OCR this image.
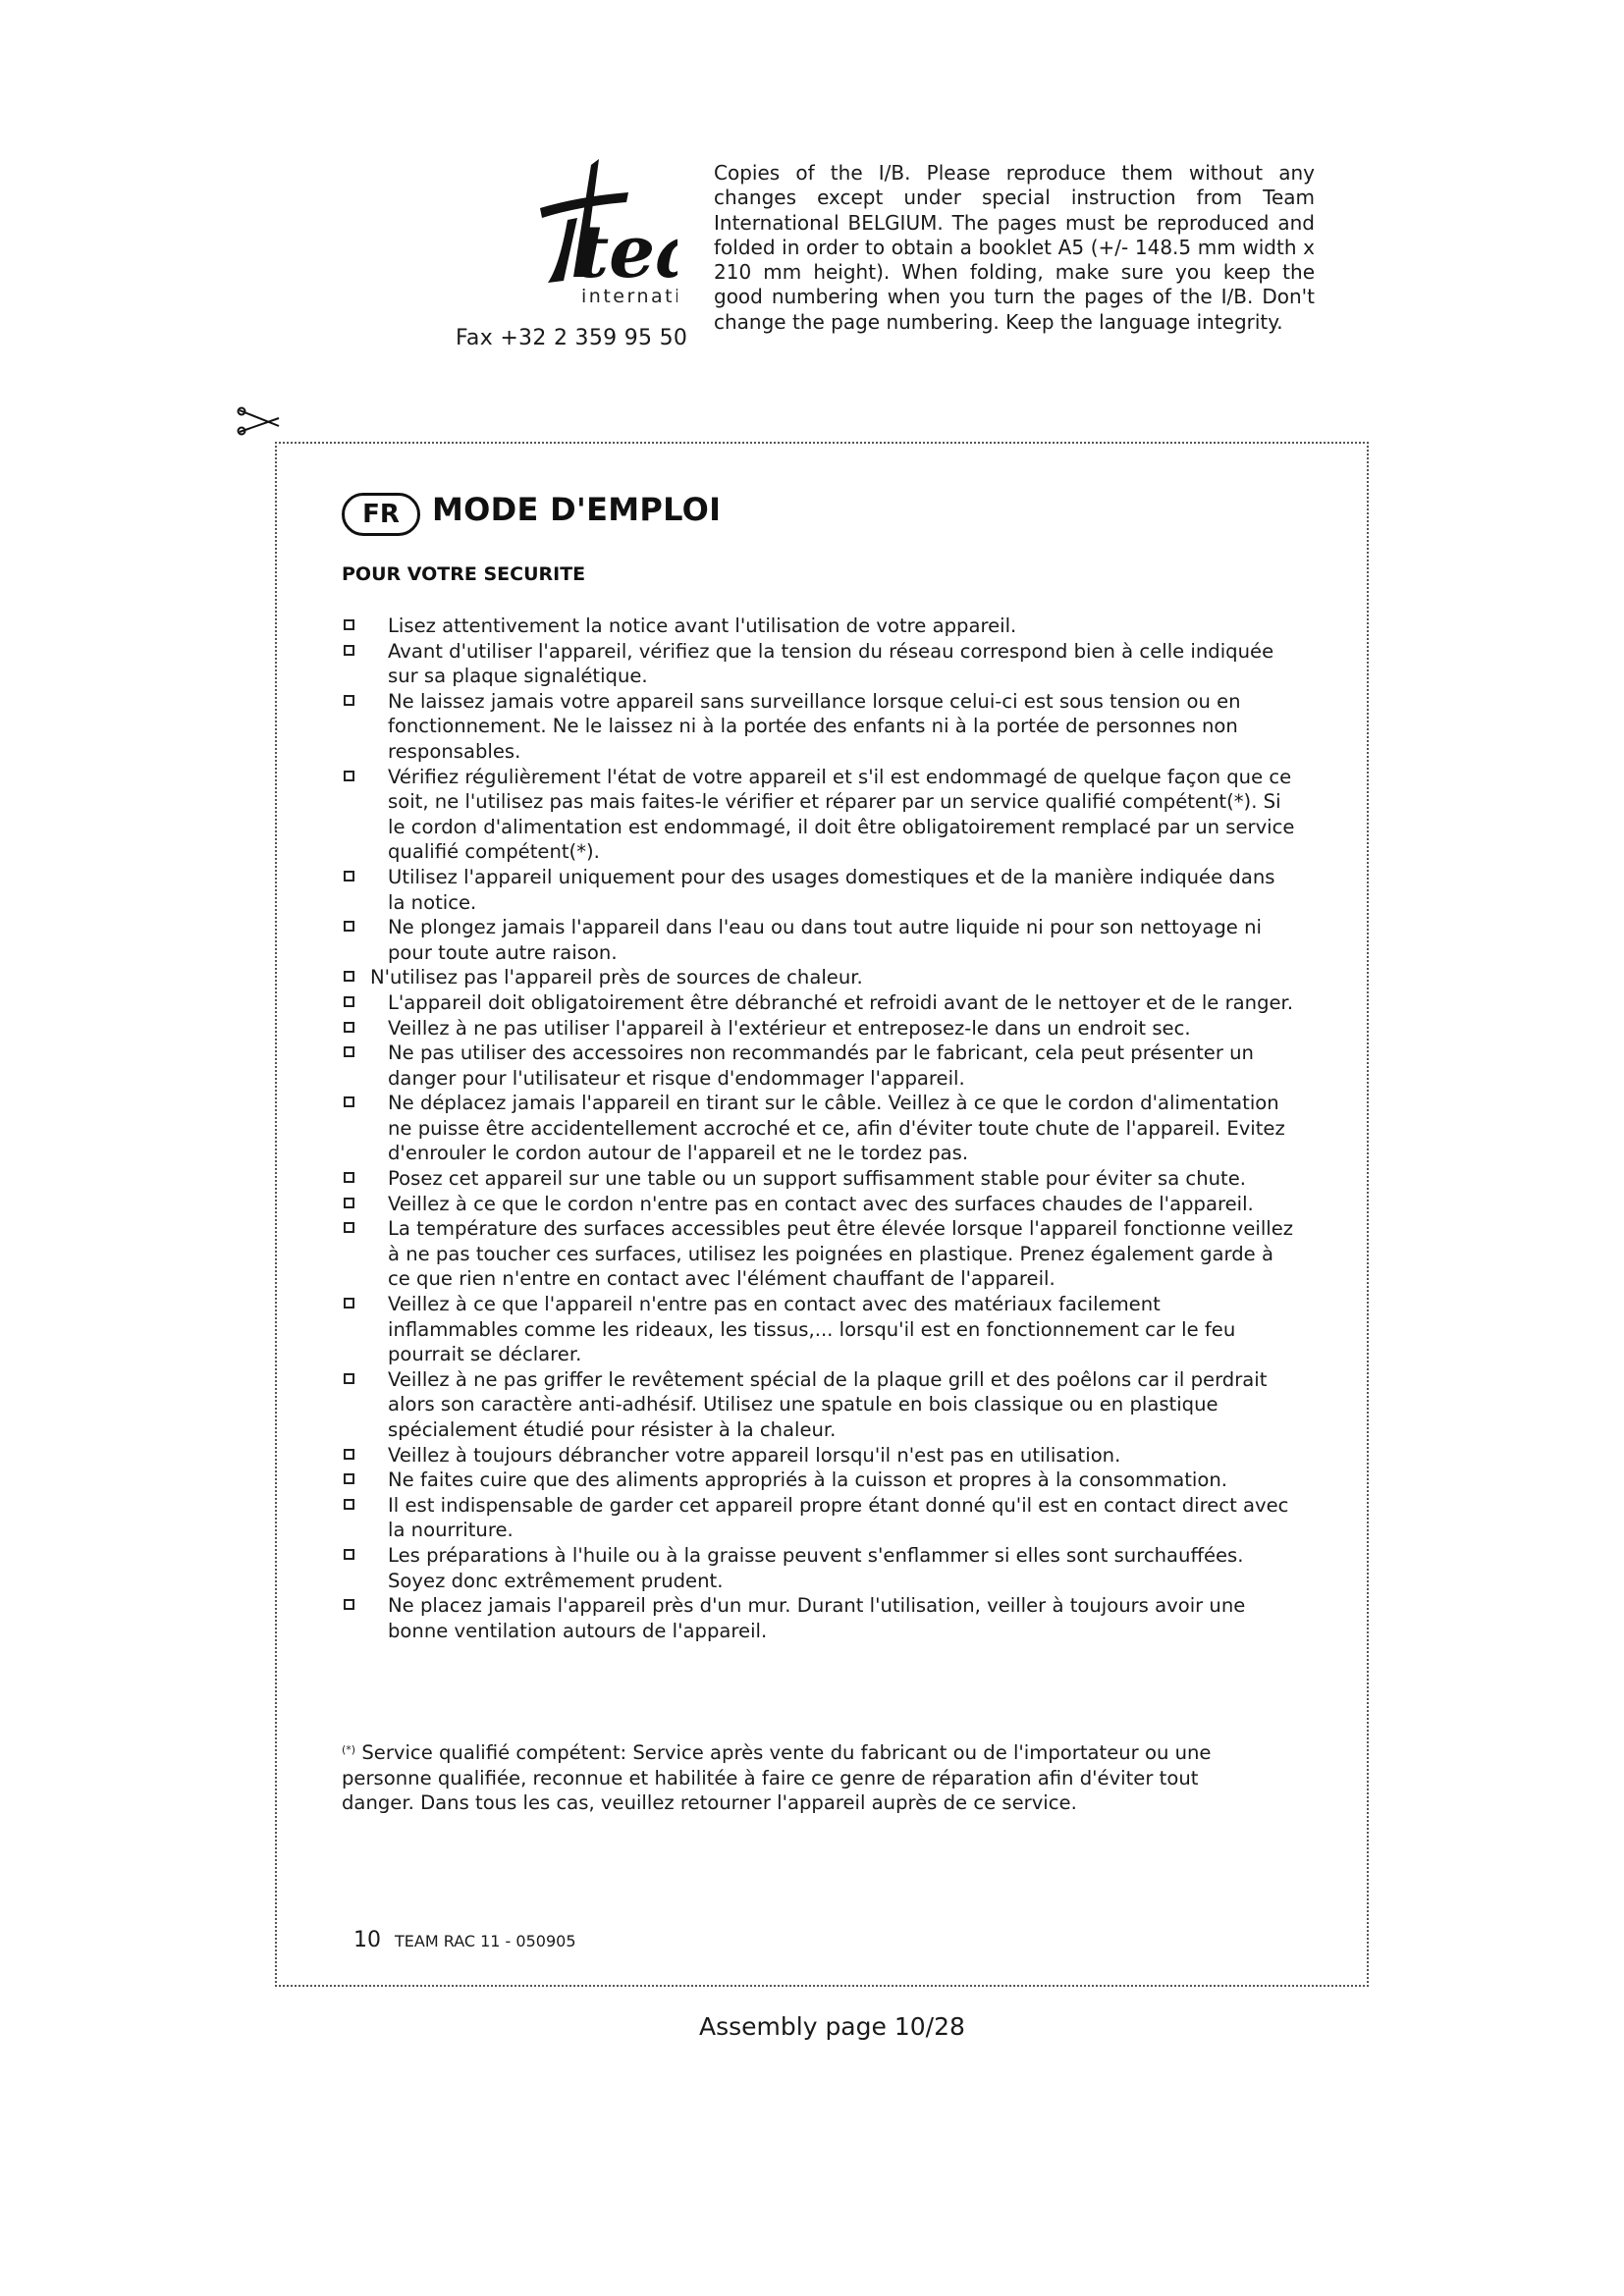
te
internat
Fax +32 2 359 95 50

Copies of the I/B. Please reproduce them without any changes except under special instruction from Team International BELGIUM. The pages must be reproduced and folded in order to obtain a booklet A5 (+/- 148.5 mm width x 210 mm height). When folding, make sure you keep the good numbering when you turn the pages of the I/B. Don't change the page numbering. Keep the language integrity.

FR	MODE D'EMPLOI
POUR VOTRE SECURITE
Lisez attentivement la notice avant l'utilisation de votre appareil.
Avant d'utiliser l'appareil, vérifiez que la tension du réseau correspond bien à celle indiquée sur sa plaque signalétique.
Ne laissez jamais votre appareil sans surveillance lorsque celui-ci est sous tension ou en fonctionnement. Ne le laissez ni à la portée des enfants ni à la portée de personnes non responsables.
Vérifiez régulièrement l'état de votre appareil et s'il est endommagé de quelque façon que ce soit, ne l'utilisez pas mais faites-le vérifier et réparer par un service qualifié compétent(*). Si le cordon d'alimentation est endommagé, il doit être obligatoirement remplacé par un service qualifié compétent(*).
Utilisez l'appareil uniquement pour des usages domestiques et de la manière indiquée dans la notice.
Ne plongez jamais l'appareil dans l'eau ou dans tout autre liquide ni pour son nettoyage ni pour toute autre raison.
N'utilisez pas l'appareil près de sources de chaleur.
L'appareil doit obligatoirement être débranché et refroidi avant de le nettoyer et de le ranger.
Veillez à ne pas utiliser l'appareil à l'extérieur et entreposez-le dans un endroit sec.
Ne pas utiliser des accessoires non recommandés par le fabricant, cela peut présenter un danger pour l'utilisateur et risque d'endommager l'appareil.
Ne déplacez jamais l'appareil en tirant sur le câble. Veillez à ce que le cordon d'alimentation ne puisse être accidentellement accroché et ce, afin d'éviter toute chute de l'appareil. Evitez d'enrouler le cordon autour de l'appareil et ne le tordez pas.
Posez cet appareil sur une table ou un support suffisamment stable pour éviter sa chute.
Veillez à ce que le cordon n'entre pas en contact avec des surfaces chaudes de l'appareil.
La température des surfaces accessibles peut être élevée lorsque l'appareil fonctionne veillez à ne pas toucher ces surfaces, utilisez les poignées en plastique. Prenez également garde à ce que rien n'entre en contact avec l'élément chauffant de l'appareil.
Veillez à ce que l'appareil n'entre pas en contact avec des matériaux facilement inflammables comme les rideaux, les tissus,... lorsqu'il est en fonctionnement car le feu pourrait se déclarer.
Veillez à ne pas griffer le revêtement spécial de la plaque grill et des poêlons car il perdrait alors son caractère anti-adhésif. Utilisez une spatule en bois classique ou en plastique spécialement étudié pour résister à la chaleur.
Veillez à toujours débrancher votre appareil lorsqu'il n'est pas en utilisation.
Ne faites cuire que des aliments appropriés à la cuisson et propres à la consommation.
Il est indispensable de garder cet appareil propre étant donné qu'il est en contact direct avec la nourriture.
Les préparations à l'huile ou à la graisse peuvent s'enflammer si elles sont surchauffées. Soyez donc extrêmement prudent.
Ne placez jamais l'appareil près d'un mur. Durant l'utilisation, veiller à toujours avoir une bonne ventilation autours de l'appareil.

(*) Service qualifié compétent: Service après vente du fabricant ou de l'importateur ou une personne qualifiée, reconnue et habilitée à faire ce genre de réparation afin d'éviter tout danger. Dans tous les cas, veuillez retourner l'appareil auprès de ce service.

10 TEAM RAC 11 - 050905
Assembly page 10/28
